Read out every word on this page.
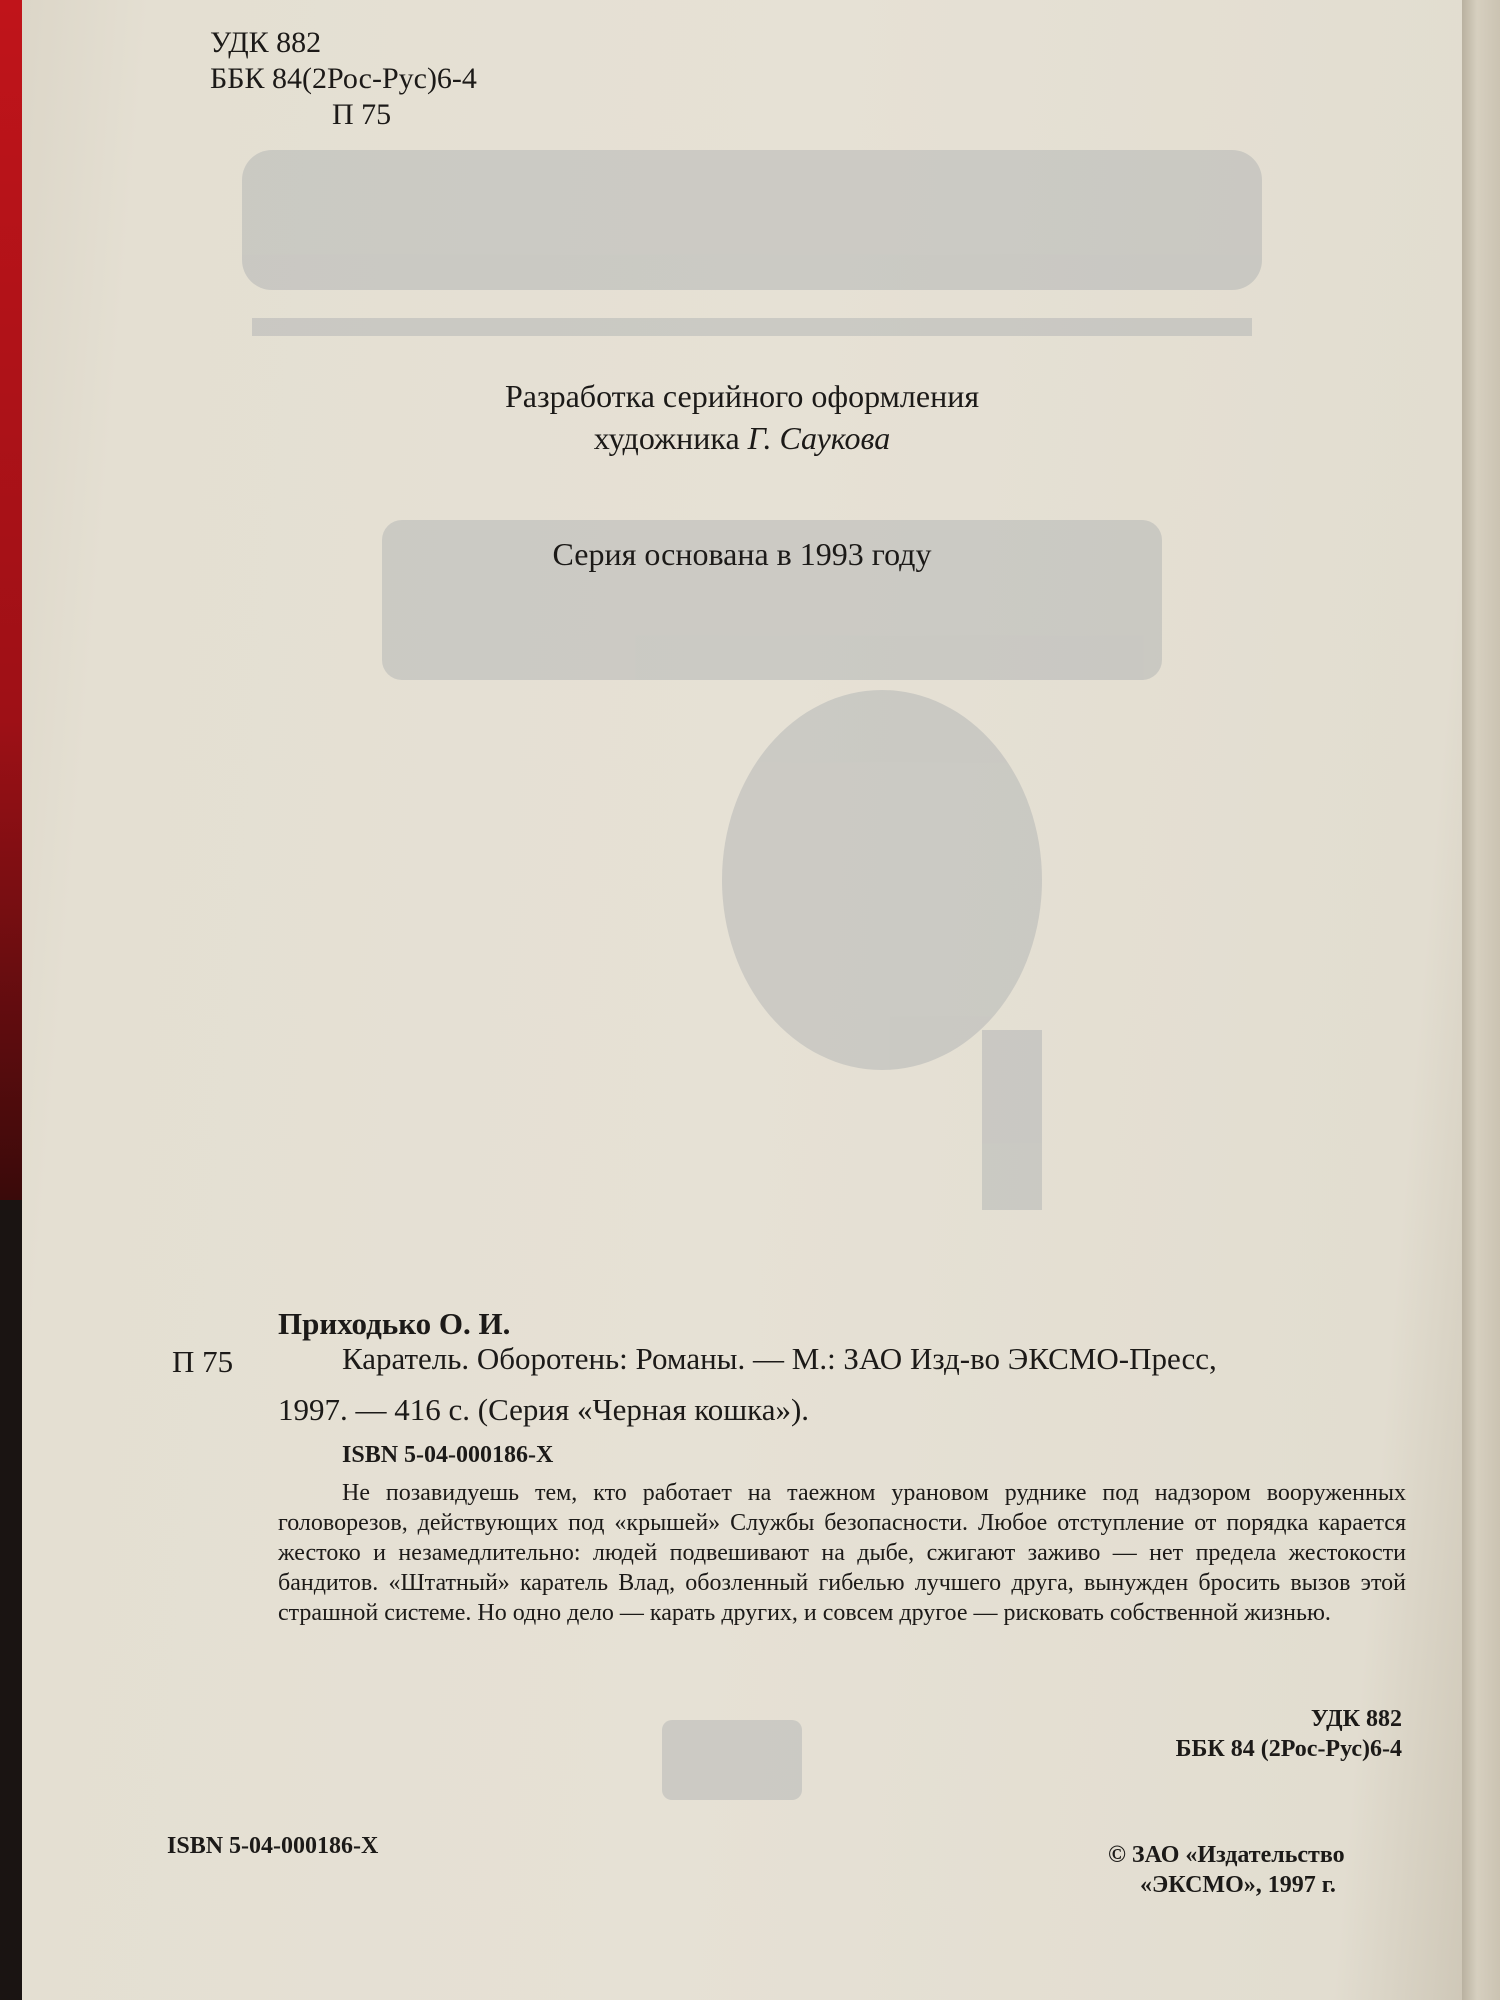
УДК 882
ББК 84(2Рос-Рус)6-4
П 75
Разработка серийного оформления
художника Г. Саукова
Серия основана в 1993 году
Приходько О. И.
П 75	Каратель. Оборотень: Романы. — М.: ЗАО Изд-во ЭКСМО-Пресс,
1997. — 416 с. (Серия «Черная кошка»).
ISBN 5-04-000186-X
Не позавидуешь тем, кто работает на таежном урановом руднике под надзором вооруженных головорезов, действующих под «крышей» Службы безопасности. Любое отступление от порядка карается жестоко и незамедлительно: людей подвешивают на дыбе, сжигают заживо — нет предела жестокости бандитов. «Штатный» каратель Влад, обозленный гибелью лучшего друга, вынужден бросить вызов этой страшной системе. Но одно дело — карать других, и совсем другое — рисковать собственной жизнью.
УДК 882
ББК 84 (2Рос-Рус)6-4
ISBN 5-04-000186-X	© ЗАО «Издательство
«ЭКСМО», 1997 г.
